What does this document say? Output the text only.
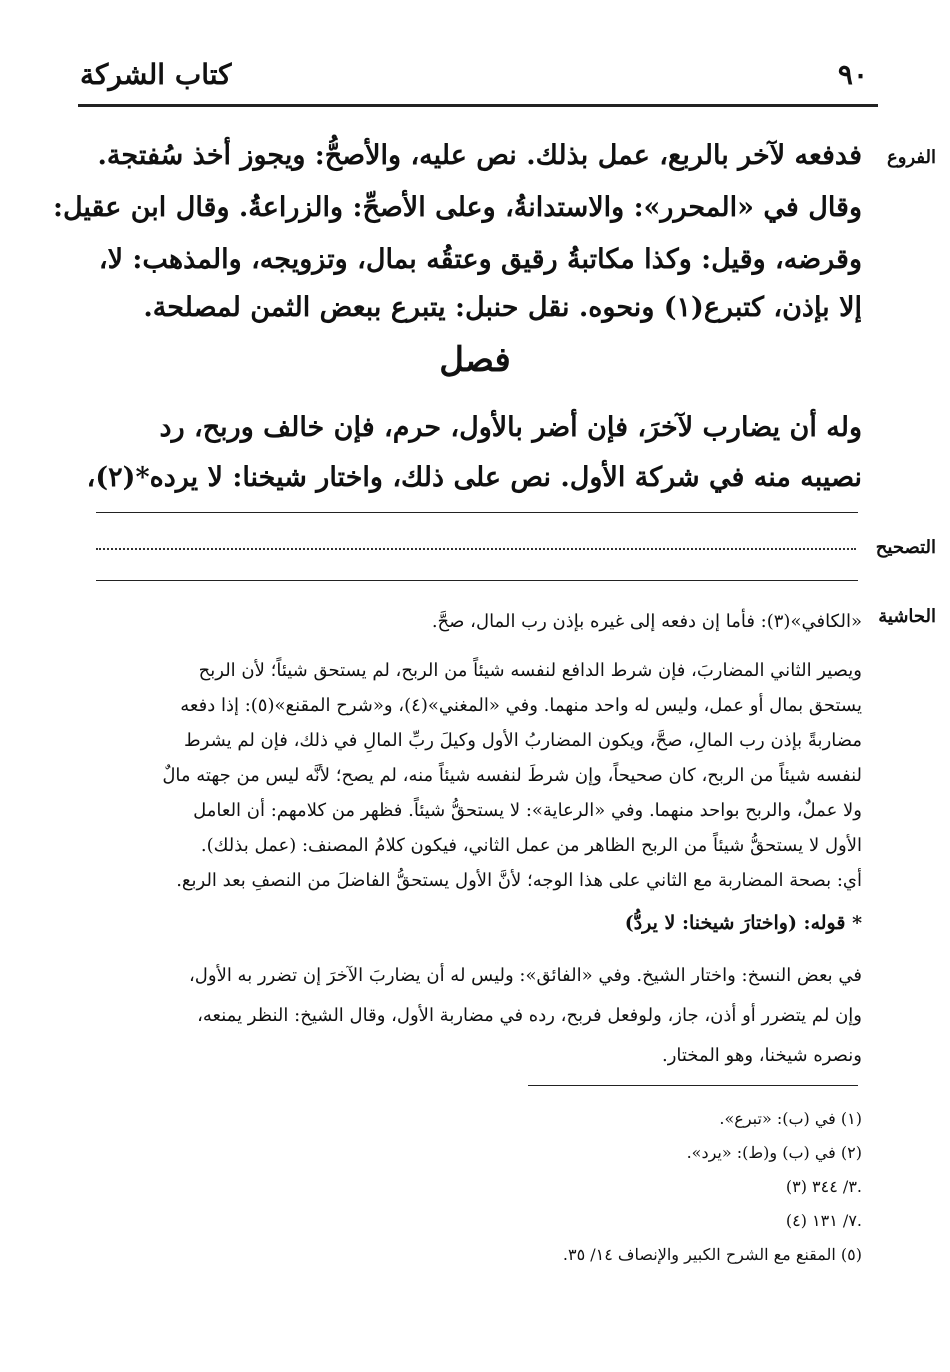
كتاب الشركة	٩٠
الفروع
التصحيح
الحاشية
فدفعه لآخر بالربع، عمل بذلك. نص عليه، والأصحُّ: ويجوز أخذ سُفتجة.
وقال في «المحرر»: والاستدانةُ، وعلى الأصحِّ: والزراعةُ. وقال ابن عقيل:
وقرضه، وقيل: وكذا مكاتبةُ رقيق وعتقُه بمال، وتزويجه، والمذهب: لا،
إلا بإذن، كتبرع(١) ونحوه. نقل حنبل: يتبرع ببعض الثمن لمصلحة.
فصل
وله أن يضارب لآخرَ، فإن أضر بالأول، حرم، فإن خالف وربح، رد
نصيبه منه في شركة الأول. نص على ذلك، واختار شيخنا: لا يرده*(٢)،
«الكافي»(٣): فأما إن دفعه إلى غيره بإذن رب المال، صحَّ.
ويصير الثاني المضاربَ، فإن شرط الدافع لنفسه شيئاً من الربح، لم يستحق شيئاً؛ لأن الربح
يستحق بمال أو عمل، وليس له واحد منهما. وفي «المغني»(٤)، و«شرح المقنع»(٥): إذا دفعه
مضاربةً بإذن رب المالِ، صحَّ، ويكون المضاربُ الأول وكيلَ ربِّ المالِ في ذلك، فإن لم يشرط
لنفسه شيئاً من الربح، كان صحيحاً، وإن شرطَ لنفسه شيئاً منه، لم يصح؛ لأنَّه ليس من جهته مالٌ
ولا عملٌ، والربح بواحد منهما. وفي «الرعاية»: لا يستحقُّ شيئاً. فظهر من كلامهم: أن العامل
الأول لا يستحقُّ شيئاً من الربح الظاهر من عمل الثاني، فيكون كلامُ المصنف: (عمل بذلك).
أي: بصحة المضاربة مع الثاني على هذا الوجه؛ لأنَّ الأول يستحقُّ الفاضلَ من النصفِ بعد الربع.
* قوله: (واختارَ شيخنا: لا يردُّ)
في بعض النسخ: واختار الشيخ. وفي «الفائق»: وليس له أن يضاربَ الآخرَ إن تضرر به الأول،
وإن لم يتضرر أو أذن، جاز، ولوفعل فربح، رده في مضاربة الأول، وقال الشيخ: النظر يمنعه،
ونصره شيخنا، وهو المختار.
(١) في (ب): «تبرع».
(٢) في (ب) و(ط): «يرد».
(٣) ٣/ ٣٤٤.
(٤) ٧/ ١٣١.
(٥) المقنع مع الشرح الكبير والإنصاف ١٤/ ٣٥.
